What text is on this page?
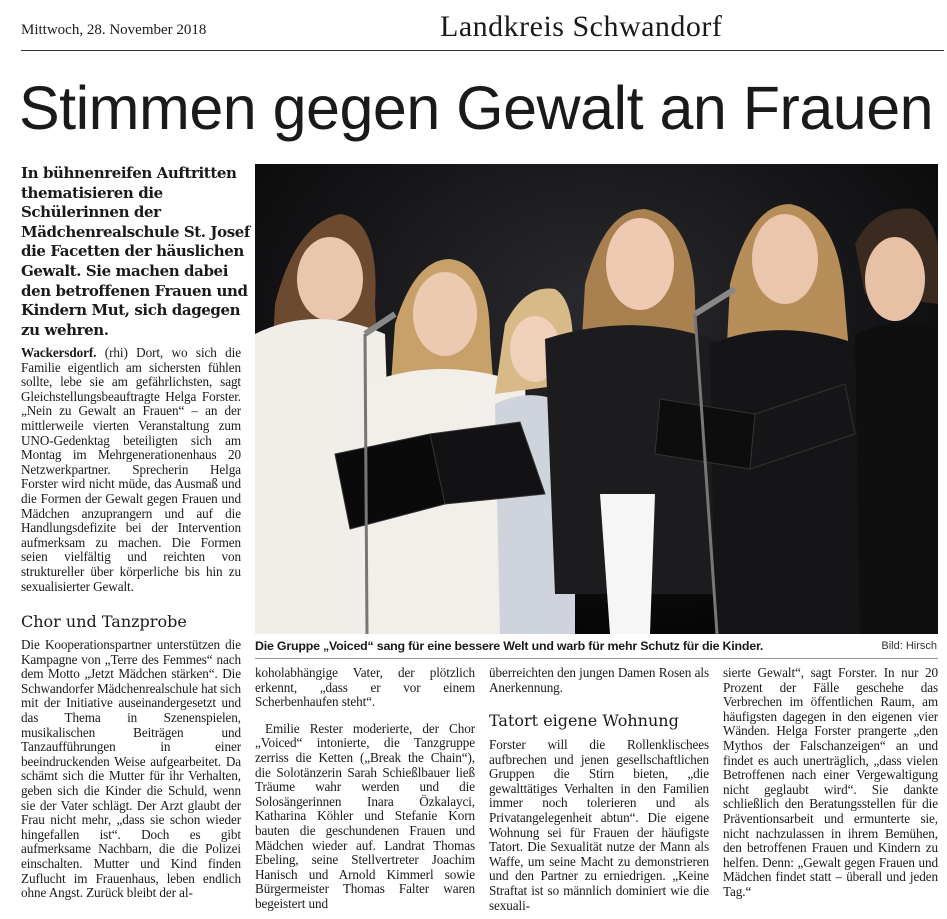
Mittwoch, 28. November 2018	Landkreis Schwandorf
Stimmen gegen Gewalt an Frauen
In bühnenreifen Auftritten thematisieren die Schülerinnen der Mädchenrealschule St. Josef die Facetten der häuslichen Gewalt. Sie machen dabei den betroffenen Frauen und Kindern Mut, sich dagegen zu wehren.

Wackersdorf. (rhi) Dort, wo sich die Familie eigentlich am sichersten fühlen sollte, lebe sie am gefährlichsten, sagt Gleichstellungsbeauftragte Helga Forster. „Nein zu Gewalt an Frauen“ – an der mittlerweile vierten Veranstaltung zum UNO-Gedenktag beteiligten sich am Montag im Mehrgenerationenhaus 20 Netzwerkpartner. Sprecherin Helga Forster wird nicht müde, das Ausmaß und die Formen der Gewalt gegen Frauen und Mädchen anzuprangern und auf die Handlungsdefizite bei der Intervention aufmerksam zu machen. Die Formen seien vielfältig und reichten von struktureller über körperliche bis hin zu sexualisierter Gewalt.

Chor und Tanzprobe

Die Kooperationspartner unterstützen die Kampagne von „Terre des Femmes“ nach dem Motto „Jetzt Mädchen stärken“. Die Schwandorfer Mädchenrealschule hat sich mit der Initiative auseinandergesetzt und das Thema in Szenenspielen, musikalischen Beiträgen und Tanzaufführungen in einer beeindruckenden Weise aufgearbeitet. Da schämt sich die Mutter für ihr Verhalten, geben sich die Kinder die Schuld, wenn sie der Vater schlägt. Der Arzt glaubt der Frau nicht mehr, „dass sie schon wieder hingefallen ist“. Doch es gibt aufmerksame Nachbarn, die die Polizei einschalten. Mutter und Kind finden Zuflucht im Frauenhaus, leben endlich ohne Angst. Zurück bleibt der al-

koholabhängige Vater, der plötzlich erkennt, „dass er vor einem Scherbenhaufen steht“.

Emilie Rester moderierte, der Chor „Voiced“ intonierte, die Tanzgruppe zerriss die Ketten („Break the Chain“), die Solotänzerin Sarah Schießlbauer ließ Träume wahr werden und die Solosängerinnen Inara Özkalayci, Katharina Köhler und Stefanie Korn bauten die geschundenen Frauen und Mädchen wieder auf. Landrat Thomas Ebeling, seine Stellvertreter Joachim Hanisch und Arnold Kimmerl sowie Bürgermeister Thomas Falter waren begeistert und

überreichten den jungen Damen Rosen als Anerkennung.

Tatort eigene Wohnung

Forster will die Rollenklischees aufbrechen und jenen gesellschaftlichen Gruppen die Stirn bieten, „die gewalttätiges Verhalten in den Familien immer noch tolerieren und als Privatangelegenheit abtun“. Die eigene Wohnung sei für Frauen der häufigste Tatort. Die Sexualität nutze der Mann als Waffe, um seine Macht zu demonstrieren und den Partner zu erniedrigen. „Keine Straftat ist so männlich dominiert wie die sexuali-

sierte Gewalt“, sagt Forster. In nur 20 Prozent der Fälle geschehe das Verbrechen im öffentlichen Raum, am häufigsten dagegen in den eigenen vier Wänden. Helga Forster prangerte „den Mythos der Falschanzeigen“ an und findet es auch unerträglich, „dass vielen Betroffenen nach einer Vergewaltigung nicht geglaubt wird“. Sie dankte schließlich den Beratungsstellen für die Präventionsarbeit und ermunterte sie, nicht nachzulassen in ihrem Bemühen, den betroffenen Frauen und Kindern zu helfen. Denn: „Gewalt gegen Frauen und Mädchen findet statt – überall und jeden Tag.“

Die Gruppe „Voiced“ sang für eine bessere Welt und warb für mehr Schutz für die Kinder.	Bild: Hirsch
